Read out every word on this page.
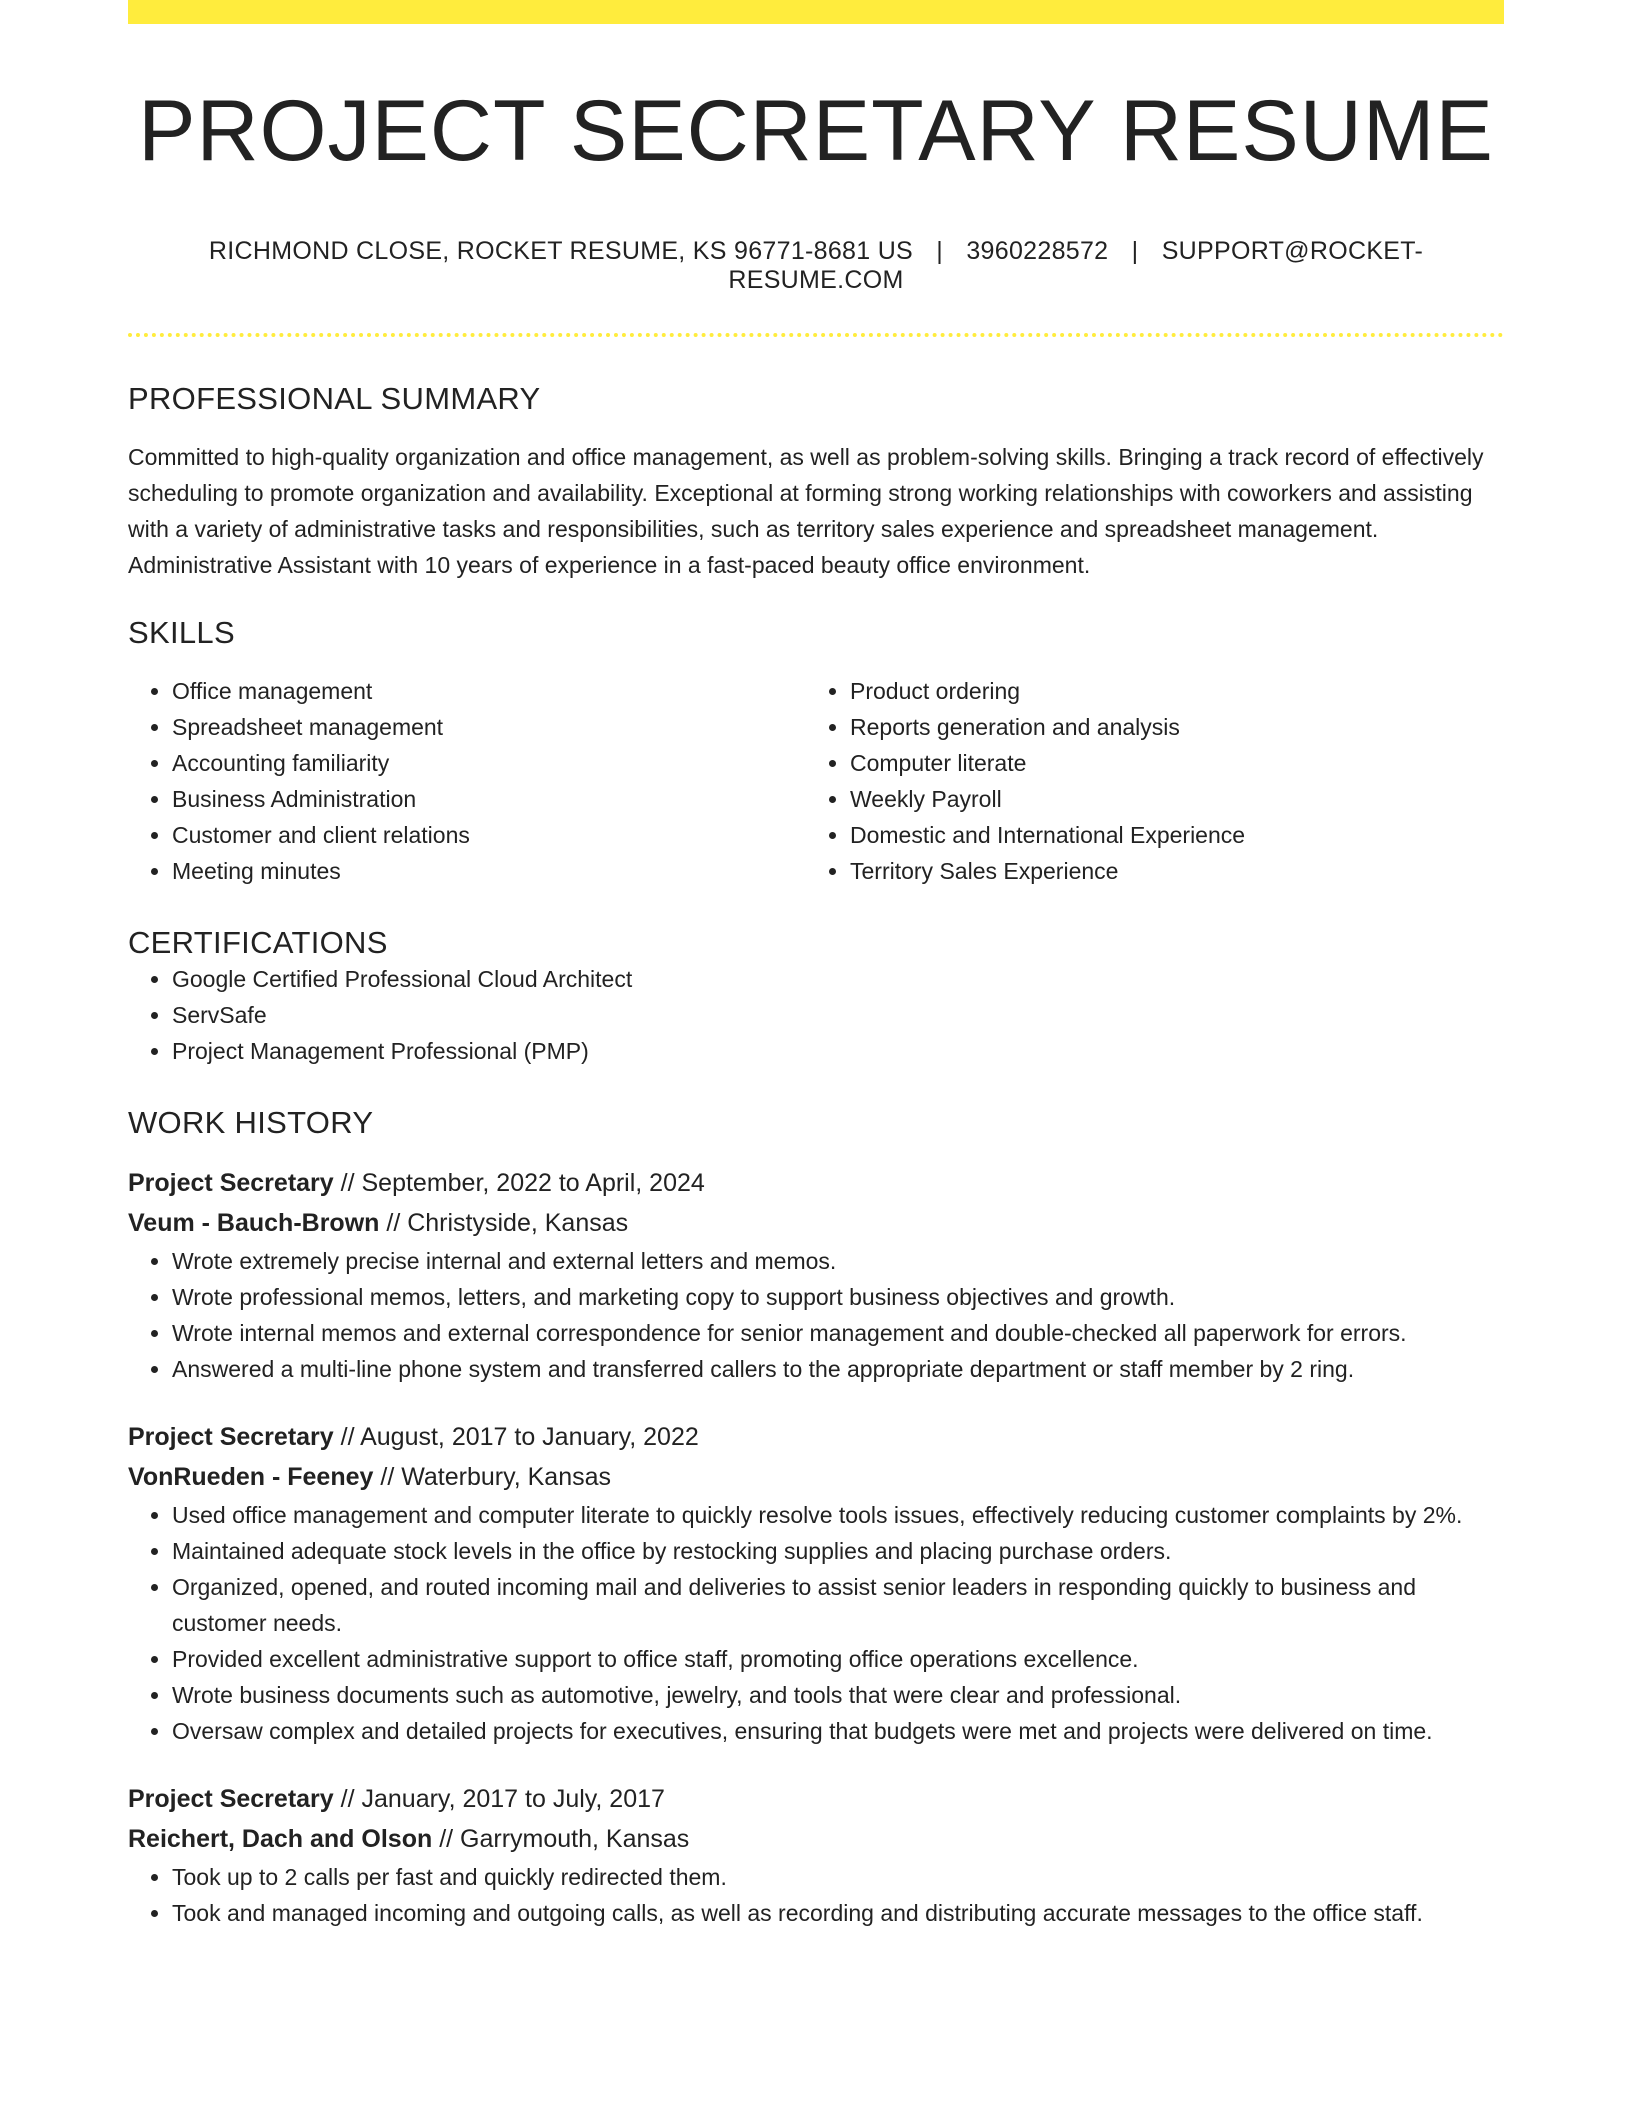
PROJECT SECRETARY RESUME
RICHMOND CLOSE, ROCKET RESUME, KS 96771-8681 US | 3960228572 | SUPPORT@ROCKET-RESUME.COM
PROFESSIONAL SUMMARY

Committed to high-quality organization and office management, as well as problem-solving skills. Bringing a track record of effectively scheduling to promote organization and availability. Exceptional at forming strong working relationships with coworkers and assisting with a variety of administrative tasks and responsibilities, such as territory sales experience and spreadsheet management. Administrative Assistant with 10 years of experience in a fast-paced beauty office environment.

SKILLS
• Office management
• Spreadsheet management
• Accounting familiarity
• Business Administration
• Customer and client relations
• Meeting minutes
• Product ordering
• Reports generation and analysis
• Computer literate
• Weekly Payroll
• Domestic and International Experience
• Territory Sales Experience
CERTIFICATIONS
• Google Certified Professional Cloud Architect
• ServSafe
• Project Management Professional (PMP)
WORK HISTORY
Project Secretary // September, 2022 to April, 2024
Veum - Bauch-Brown // Christyside, Kansas
• Wrote extremely precise internal and external letters and memos.
• Wrote professional memos, letters, and marketing copy to support business objectives and growth.
• Wrote internal memos and external correspondence for senior management and double-checked all paperwork for errors.
• Answered a multi-line phone system and transferred callers to the appropriate department or staff member by 2 ring.
Project Secretary // August, 2017 to January, 2022
VonRueden - Feeney // Waterbury, Kansas
• Used office management and computer literate to quickly resolve tools issues, effectively reducing customer complaints by 2%.
• Maintained adequate stock levels in the office by restocking supplies and placing purchase orders.
• Organized, opened, and routed incoming mail and deliveries to assist senior leaders in responding quickly to business and customer needs.
• Provided excellent administrative support to office staff, promoting office operations excellence.
• Wrote business documents such as automotive, jewelry, and tools that were clear and professional.
• Oversaw complex and detailed projects for executives, ensuring that budgets were met and projects were delivered on time.
Project Secretary // January, 2017 to July, 2017
Reichert, Dach and Olson // Garrymouth, Kansas
• Took up to 2 calls per fast and quickly redirected them.
• Took and managed incoming and outgoing calls, as well as recording and distributing accurate messages to the office staff.
